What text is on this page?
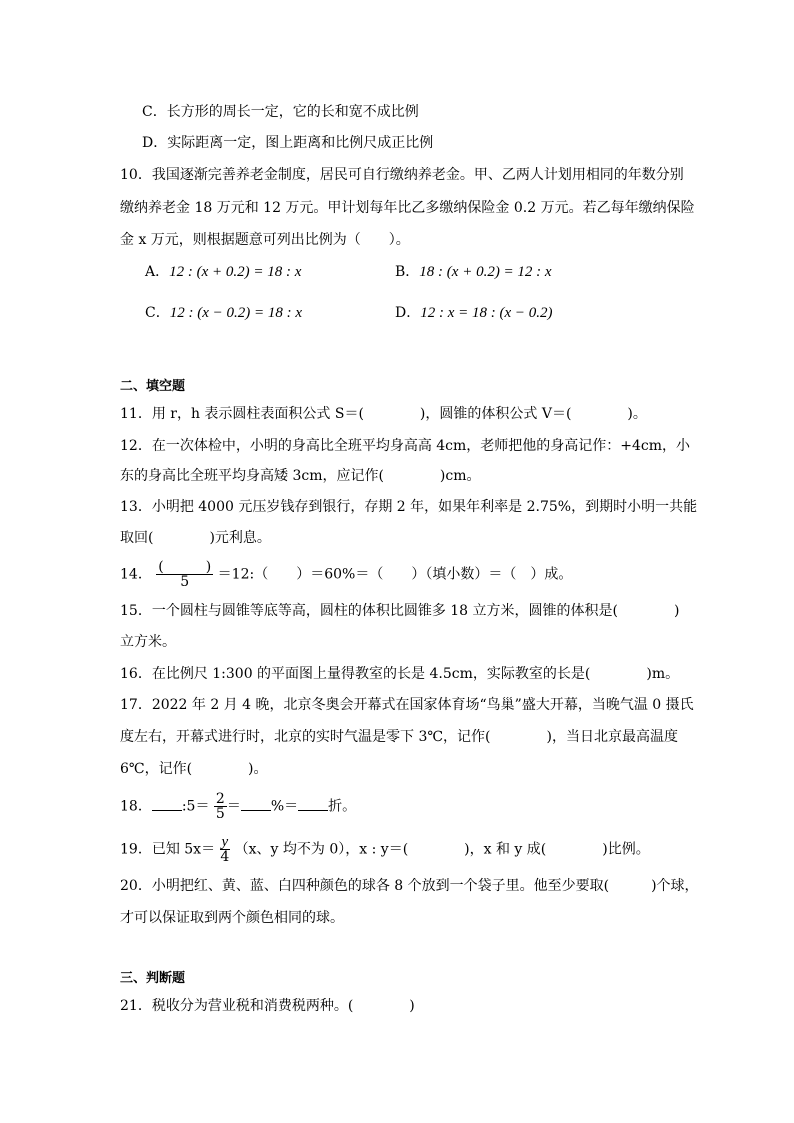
C．长方形的周长一定，它的长和宽不成比例
D．实际距离一定，图上距离和比例尺成正比例
10．我国逐渐完善养老金制度，居民可自行缴纳养老金。甲、乙两人计划用相同的年数分别
缴纳养老金 18 万元和 12 万元。甲计划每年比乙多缴纳保险金 0.2 万元。若乙每年缴纳保险
金 x 万元，则根据题意可列出比例为（　　）。
A．12 : (x + 0.2) = 18 : x	B．18 : (x + 0.2) = 12 : x
C．12 : (x − 0.2) = 18 : x	D．12 : x = 18 : (x − 0.2)
二、填空题
11．用 r，h 表示圆柱表面积公式 S＝(　　　　)，圆锥的体积公式 V＝(　　　　)。
12．在一次体检中，小明的身高比全班平均身高高 4cm，老师把他的身高记作：+4cm，小
东的身高比全班平均身高矮 3cm，应记作(　　　　)cm。
13．小明把 4000 元压岁钱存到银行，存期 2 年，如果年利率是 2.75%，到期时小明一共能
取回(　　　　)元利息。
14． $\frac{( )}{5}$ ＝12:（　　）＝60%＝（　　）（填小数）＝（　）成。
15．一个圆柱与圆锥等底等高，圆柱的体积比圆锥多 18 立方米，圆锥的体积是(　　　　)
立方米。
16．在比例尺 1:300 的平面图上量得教室的长是 4.5cm，实际教室的长是(　　　　)m。
17．2022 年 2 月 4 晚，北京冬奥会开幕式在国家体育场“鸟巢”盛大开幕，当晚气温 0 摄氏
度左右，开幕式进行时，北京的实时气温是零下 3℃，记作(　　　　)，当日北京最高温度
6℃，记作(　　　　)。
18． :5＝ $\frac{2}{5}$ ＝ %＝ 折。
19．已知 $5x= \frac{y}{4} (x$、y 均不为 0），x : y＝(　　　　)，x 和 y 成(　　　　)比例。
20．小明把红、黄、蓝、白四种颜色的球各 8 个放到一个袋子里。他至少要取(　　　)个球，
才可以保证取到两个颜色相同的球。
三、判断题
21．税收分为营业税和消费税两种。(　　　　)
